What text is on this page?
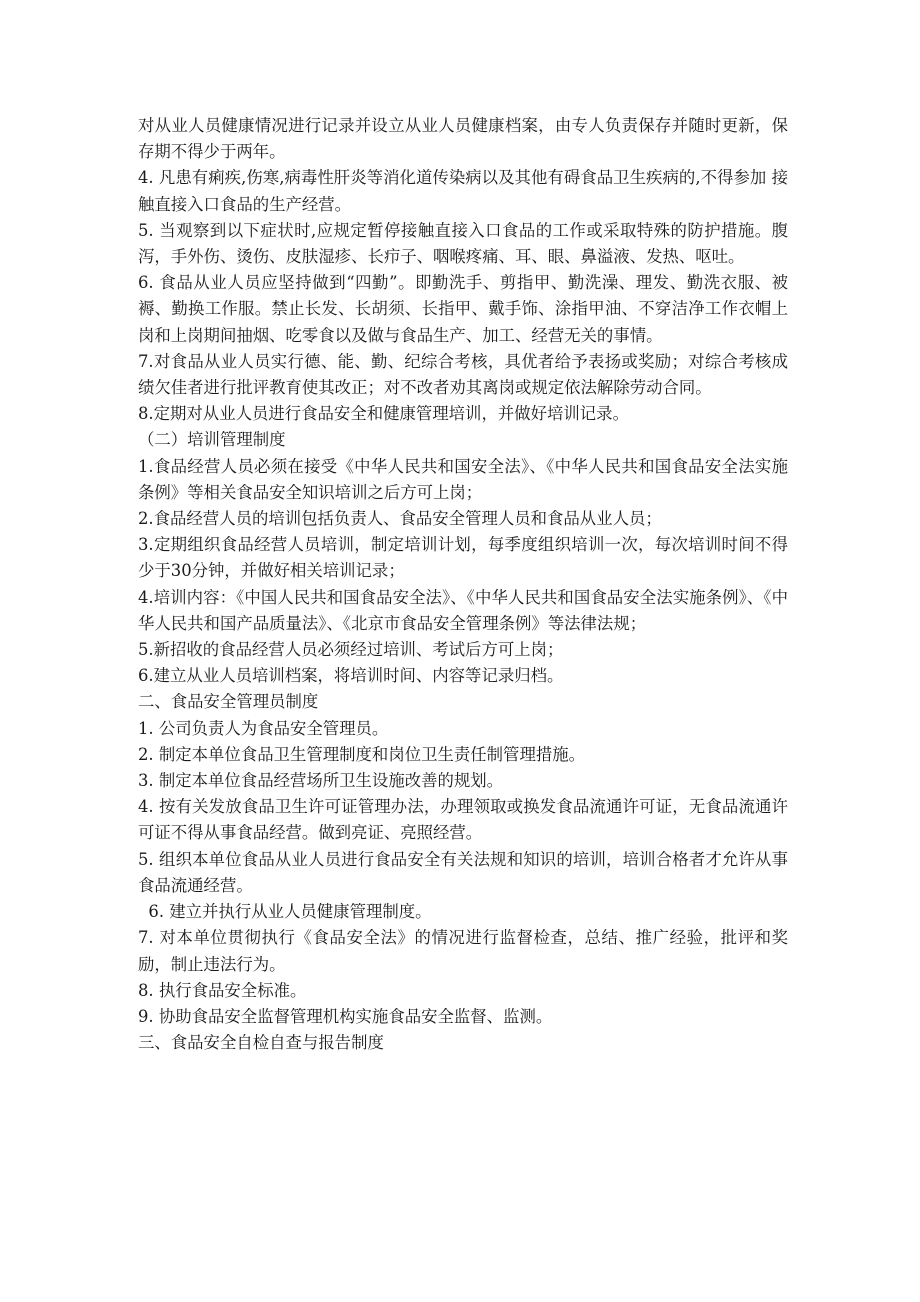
对从业人员健康情况进行记录并设立从业人员健康档案，由专人负责保存并随时更新，保存期不得少于两年。

4. 凡患有痢疾,伤寒,病毒性肝炎等消化道传染病以及其他有碍食品卫生疾病的,不得参加 接触直接入口食品的生产经营。

5. 当观察到以下症状时,应规定暂停接触直接入口食品的工作或采取特殊的防护措施。腹 泻，手外伤、烫伤、皮肤湿疹、长疖子、咽喉疼痛、耳、眼、鼻溢液、发热、呕吐。

6. 食品从业人员应坚持做到“四勤”。即勤洗手、剪指甲、勤洗澡、理发、勤洗衣服、被 褥、勤换工作服。禁止长发、长胡须、长指甲、戴手饰、涂指甲油、不穿洁净工作衣帽上岗和上岗期间抽烟、吃零食以及做与食品生产、加工、经营无关的事情。

7.对食品从业人员实行德、能、勤、纪综合考核，具优者给予表扬或奖励；对综合考核成绩欠佳者进行批评教育使其改正；对不改者劝其离岗或规定依法解除劳动合同。

8.定期对从业人员进行食品安全和健康管理培训，并做好培训记录。

（二）培训管理制度

1.食品经营人员必须在接受《中华人民共和国安全法》、《中华人民共和国食品安全法实施条例》等相关食品安全知识培训之后方可上岗；

2.食品经营人员的培训包括负责人、食品安全管理人员和食品从业人员；

3.定期组织食品经营人员培训，制定培训计划，每季度组织培训一次，每次培训时间不得少于30分钟，并做好相关培训记录；

4.培训内容：《中国人民共和国食品安全法》、《中华人民共和国食品安全法实施条例》、《中华人民共和国产品质量法》、《北京市食品安全管理条例》等法律法规；

5.新招收的食品经营人员必须经过培训、考试后方可上岗；

6.建立从业人员培训档案，将培训时间、内容等记录归档。

二、食品安全管理员制度

1. 公司负责人为食品安全管理员。

2. 制定本单位食品卫生管理制度和岗位卫生责任制管理措施。

3. 制定本单位食品经营场所卫生设施改善的规划。

4. 按有关发放食品卫生许可证管理办法，办理领取或换发食品流通许可证，无食品流通许可证不得从事食品经营。做到亮证、亮照经营。

5. 组织本单位食品从业人员进行食品安全有关法规和知识的培训，培训合格者才允许从事食品流通经营。

6. 建立并执行从业人员健康管理制度。

7. 对本单位贯彻执行《食品安全法》的情况进行监督检查，总结、推广经验，批评和奖励，制止违法行为。

8. 执行食品安全标准。

9. 协助食品安全监督管理机构实施食品安全监督、监测。

三、食品安全自检自查与报告制度
